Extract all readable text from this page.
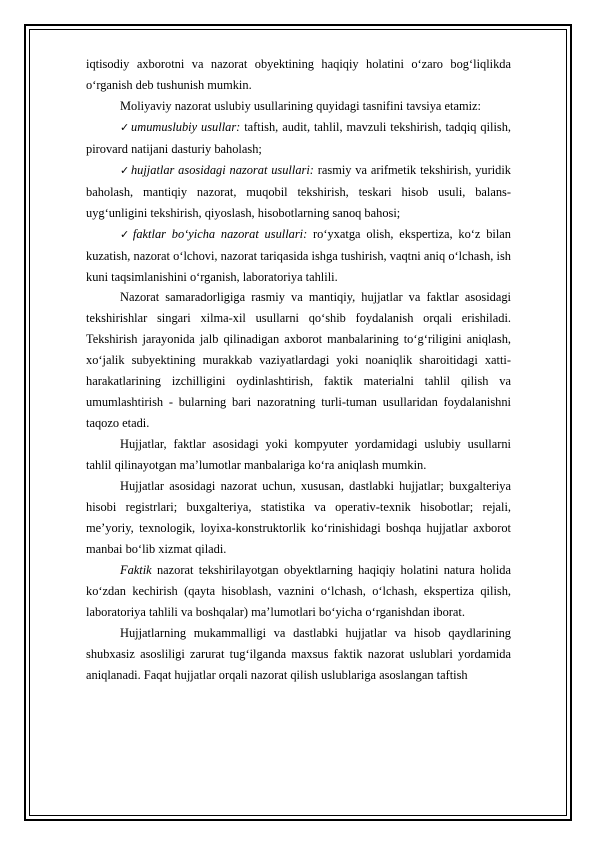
iqtisodiy axborotni va nazorat obyektining haqiqiy holatini o‘zaro bog‘liqlikda o‘rganish deb tushunish mumkin.

Moliyaviy nazorat uslubiy usullarining quyidagi tasnifini tavsiya etamiz:

✓umumuslubiy usullar: taftish, audit, tahlil, mavzuli tekshirish, tadqiq qilish, pirovard natijani dasturiy baholash;

✓hujjatlar asosidagi nazorat usullari: rasmiy va arifmetik tekshirish, yuridik baholash, mantiqiy nazorat, muqobil tekshirish, teskari hisob usuli, balans-uyg‘unligini tekshirish, qiyoslash, hisobotlarning sanoq bahosi;

✓faktlar bo‘yicha nazorat usullari: ro‘yxatga olish, ekspertiza, ko‘z bilan kuzatish, nazorat o‘lchovi, nazorat tariqasida ishga tushirish, vaqtni aniq o‘lchash, ish kuni taqsimlanishini o‘rganish, laboratoriya tahlili.

Nazorat samaradorligiga rasmiy va mantiqiy, hujjatlar va faktlar asosidagi tekshirishlar singari xilma-xil usullarni qo‘shib foydalanish orqali erishiladi. Tekshirish jarayonida jalb qilinadigan axborot manbalarining to‘g‘riligini aniqlash, xo‘jalik subyektining murakkab vaziyatlardagi yoki noaniqlik sharoitidagi xatti-harakatlarining izchilligini oydinlashtirish, faktik materialni tahlil qilish va umumlashtirish - bularning bari nazoratning turli-tuman usullaridan foydalanishni taqozo etadi.

Hujjatlar, faktlar asosidagi yoki kompyuter yordamidagi uslubiy usullarni tahlil qilinayotgan ma’lumotlar manbalariga ko‘ra aniqlash mumkin.

Hujjatlar asosidagi nazorat uchun, xususan, dastlabki hujjatlar; buxgalteriya hisobi registrlari; buxgalteriya, statistika va operativ-texnik hisobotlar; rejali, me’yoriy, texnologik, loyixa-konstruktorlik ko‘rinishidagi boshqa hujjatlar axborot manbai bo‘lib xizmat qiladi.

Faktik nazorat tekshirilayotgan obyektlarning haqiqiy holatini natura holida ko‘zdan kechirish (qayta hisoblash, vaznini o‘lchash, o‘lchash, ekspertiza qilish, laboratoriya tahlili va boshqalar) ma’lumotlari bo‘yicha o‘rganishdan iborat.

Hujjatlarning mukammalligi va dastlabki hujjatlar va hisob qaydlarining shubxasiz asosliligi zarurat tug‘ilganda maxsus faktik nazorat uslublari yordamida aniqlanadi. Faqat hujjatlar orqali nazorat qilish uslublariga asoslangan taftish
